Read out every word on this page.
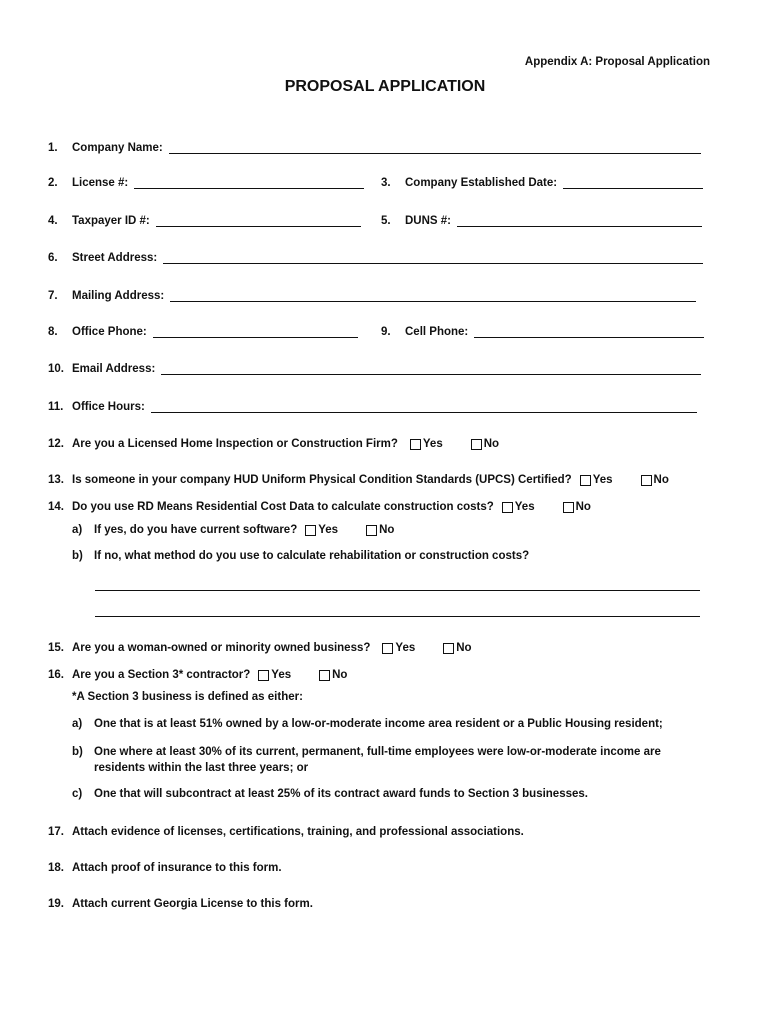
Appendix A: Proposal Application
PROPOSAL APPLICATION
1.	Company Name:
2.	License #:	3.	Company Established Date:
4.	Taxpayer ID #:	5.	DUNS #:
6.	Street Address:
7.	Mailing Address:
8.	Office Phone:	9.	Cell Phone:
10. Email Address:
11. Office Hours:
12. Are you a Licensed Home Inspection or Construction Firm? Yes	No
13. Is someone in your company HUD Uniform Physical Condition Standards (UPCS) Certified? Yes	No
14. Do you use RD Means Residential Cost Data to calculate construction costs? Yes	No
a)	If yes, do you have current software? Yes	No
b) If no, what method do you use to calculate rehabilitation or construction costs?
15. Are you a woman-owned or minority owned business? Yes	No
16. Are you a Section 3* contractor? Yes	No
*A Section 3 business is defined as either:
a)	One that is at least 51% owned by a low-or-moderate income area resident or a Public Housing resident;
b) One where at least 30% of its current, permanent, full-time employees were low-or-moderate income are residents within the last three years; or
c)	One that will subcontract at least 25% of its contract award funds to Section 3 businesses.
17. Attach evidence of licenses, certifications, training, and professional associations.
18. Attach proof of insurance to this form.
19. Attach current Georgia License to this form.
